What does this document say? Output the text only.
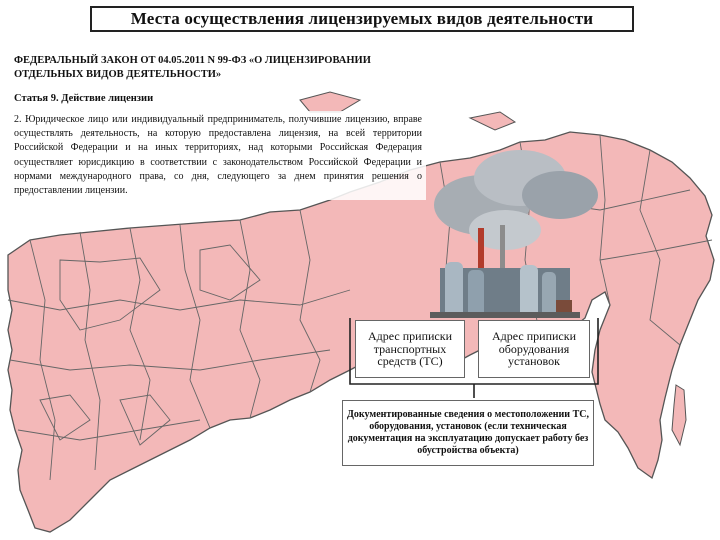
Места осуществления лицензируемых видов деятельности
ФЕДЕРАЛЬНЫЙ ЗАКОН ОТ 04.05.2011 N 99-ФЗ «О ЛИЦЕНЗИРОВАНИИ ОТДЕЛЬНЫХ ВИДОВ ДЕЯТЕЛЬНОСТИ»
Статья 9. Действие лицензии
2. Юридическое лицо или индивидуальный предприниматель, получившие лицензию, вправе осуществлять деятельность, на которую предоставлена лицензия, на всей территории Российской Федерации и на иных территориях, над которыми Российская Федерация осуществляет юрисдикцию в соответствии с законодательством Российской Федерации и нормами международного права, со дня, следующего за днем принятия решения о предоставлении лицензии.
Адрес приписки транспортных средств (ТС)
Адрес приписки оборудования установок
Документированные сведения о местоположении ТС, оборудования, установок (если техническая документация на эксплуатацию допускает работу без обустройства объекта)
